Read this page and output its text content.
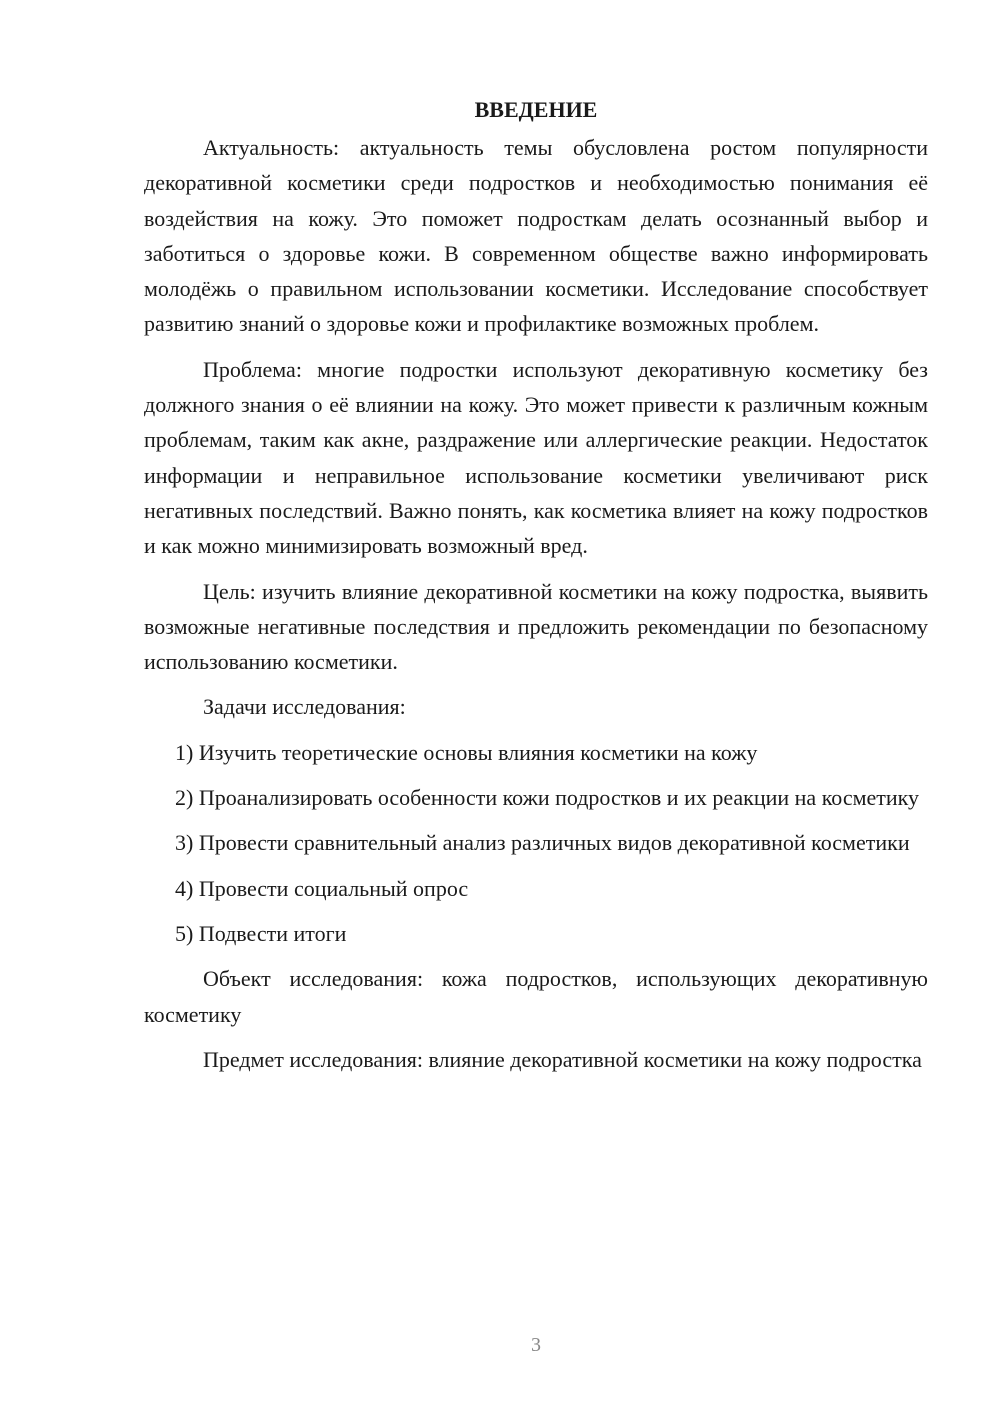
ВВЕДЕНИЕ

Актуальность: актуальность темы обусловлена ростом популярности декоративной косметики среди подростков и необходимостью понимания её воздействия на кожу. Это поможет подросткам делать осознанный выбор и заботиться о здоровье кожи. В современном обществе важно информировать молодёжь о правильном использовании косметики. Исследование способствует развитию знаний о здоровье кожи и профилактике возможных проблем.

Проблема: многие подростки используют декоративную косметику без должного знания о её влиянии на кожу. Это может привести к различным кожным проблемам, таким как акне, раздражение или аллергические реакции. Недостаток информации и неправильное использование косметики увеличивают риск негативных последствий. Важно понять, как косметика влияет на кожу подростков и как можно минимизировать возможный вред.

Цель: изучить влияние декоративной косметики на кожу подростка, выявить возможные негативные последствия и предложить рекомендации по безопасному использованию косметики.

Задачи исследования:

1) Изучить теоретические основы влияния косметики на кожу

2) Проанализировать особенности кожи подростков и их реакции на косметику

3) Провести сравнительный анализ различных видов декоративной косметики

4) Провести социальный опрос

5) Подвести итоги

Объект исследования: кожа подростков, использующих декоративную косметику

Предмет исследования: влияние декоративной косметики на кожу подростка

3
